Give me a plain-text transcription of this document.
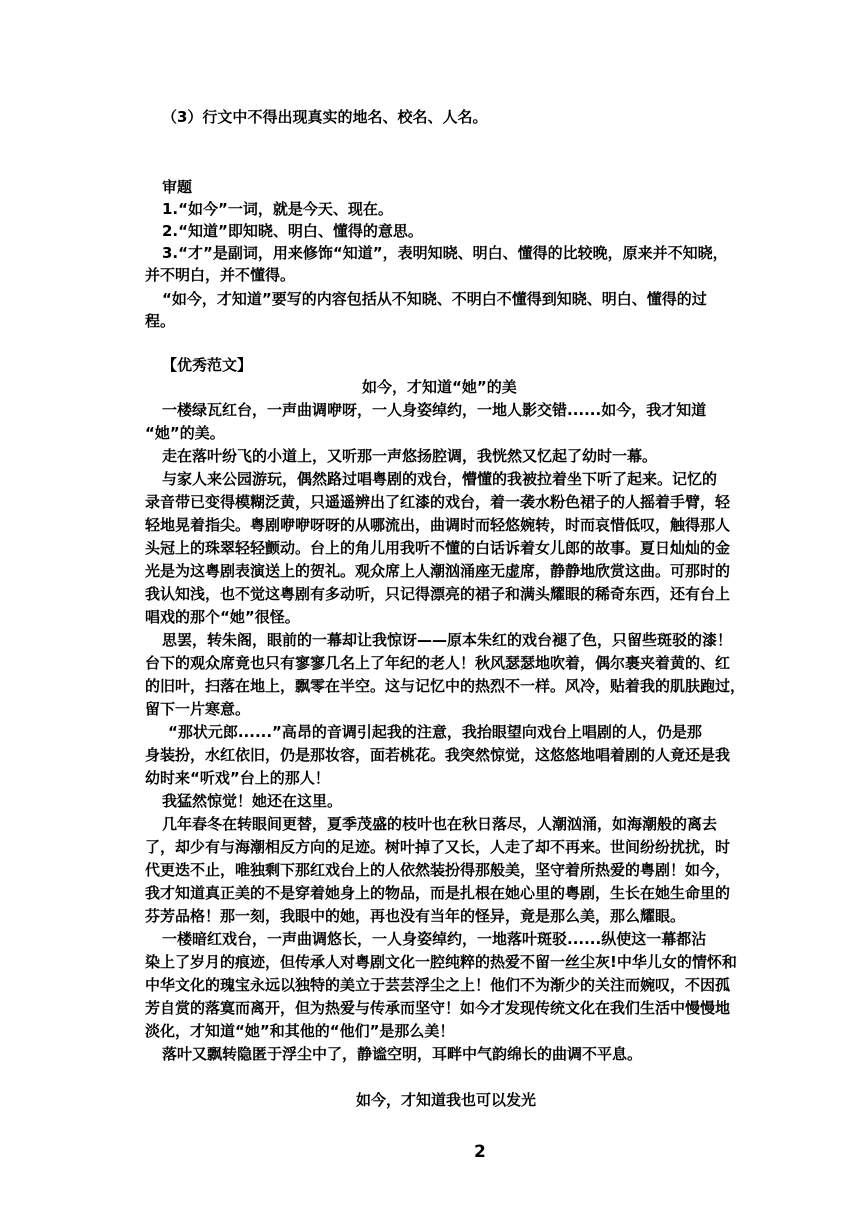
（3）行文中不得出现真实的地名、校名、人名。
审题
1.“如今”一词，就是今天、现在。
2.“知道”即知晓、明白、懂得的意思。
3.“才”是副词，用来修饰“知道”，表明知晓、明白、懂得的比较晚，原来并不知晓，
并不明白，并不懂得。
“如今，才知道”要写的内容包括从不知晓、不明白不懂得到知晓、明白、懂得的过
程。
【优秀范文】
如今，才知道“她”的美
一楼绿瓦红台，一声曲调咿呀，一人身姿绰约，一地人影交错......如今，我才知道
“她”的美。
走在落叶纷飞的小道上，又听那一声悠扬腔调，我恍然又忆起了幼时一幕。
与家人来公园游玩，偶然路过唱粤剧的戏台，懵懂的我被拉着坐下听了起来。记忆的
录音带已变得模糊泛黄，只遥遥辨出了红漆的戏台，着一袭水粉色裙子的人摇着手臂，轻
轻地晃着指尖。粤剧咿咿呀呀的从哪流出，曲调时而轻悠婉转，时而哀惜低叹，触得那人
头冠上的珠翠轻轻颤动。台上的角儿用我听不懂的白话诉着女儿郎的故事。夏日灿灿的金
光是为这粤剧表演送上的贺礼。观众席上人潮汹涌座无虚席，静静地欣赏这曲。可那时的
我认知浅，也不觉这粤剧有多动听，只记得漂亮的裙子和满头耀眼的稀奇东西，还有台上
唱戏的那个“她”很怪。
思罢，转朱阁，眼前的一幕却让我惊讶——原本朱红的戏台褪了色，只留些斑驳的漆！
台下的观众席竟也只有寥寥几名上了年纪的老人！秋风瑟瑟地吹着，偶尔裹夹着黄的、红
的旧叶，扫落在地上，飘零在半空。这与记忆中的热烈不一样。风冷，贴着我的肌肤跑过，
留下一片寒意。
“那状元郎......”高昂的音调引起我的注意，我抬眼望向戏台上唱剧的人，仍是那
身装扮，水红依旧，仍是那妆容，面若桃花。我突然惊觉，这悠悠地唱着剧的人竟还是我
幼时来“听戏”台上的那人！
我猛然惊觉！她还在这里。
几年春冬在转眼间更替，夏季茂盛的枝叶也在秋日落尽，人潮汹涌，如海潮般的离去
了，却少有与海潮相反方向的足迹。树叶掉了又长，人走了却不再来。世间纷纷扰扰，时
代更迭不止，唯独剩下那红戏台上的人依然装扮得那般美，坚守着所热爱的粤剧！如今，
我才知道真正美的不是穿着她身上的物品，而是扎根在她心里的粤剧，生长在她生命里的
芬芳品格！那一刻，我眼中的她，再也没有当年的怪异，竟是那么美，那么耀眼。
一楼暗红戏台，一声曲调悠长，一人身姿绰约，一地落叶斑驳......纵使这一幕都沾
染上了岁月的痕迹，但传承人对粤剧文化一腔纯粹的热爱不留一丝尘灰!中华儿女的情怀和
中华文化的瑰宝永远以独特的美立于芸芸浮尘之上！他们不为渐少的关注而婉叹，不因孤
芳自赏的落寞而离开，但为热爱与传承而坚守！如今才发现传统文化在我们生活中慢慢地
淡化，才知道“她”和其他的“他们”是那么美！
落叶又飘转隐匿于浮尘中了，静谧空明，耳畔中气韵绵长的曲调不平息。
如今，才知道我也可以发光
2
